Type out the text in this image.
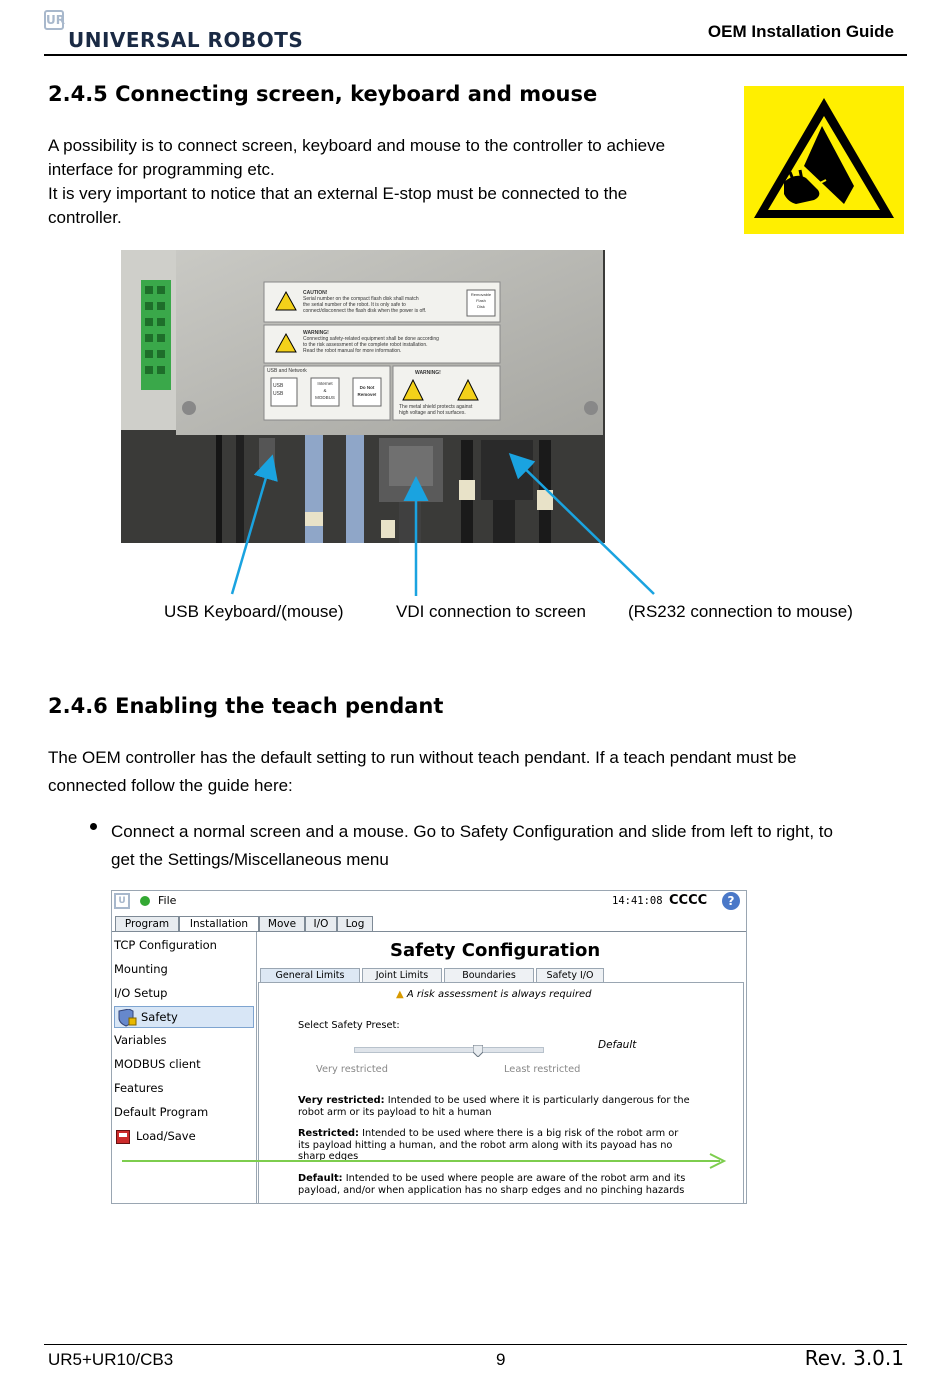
UR
UNIVERSAL ROBOTS	OEM Installation Guide
2.4.5 Connecting screen, keyboard and mouse
A possibility is to connect screen, keyboard and mouse to the controller to achieve
interface for programming etc.
It is very important to notice that an external E-stop must be connected to the
controller.
CAUTION!
Serial number on the compact flash disk shall match
the serial number of the robot. It is only safe to
connect/disconnect the flash disk when the power is off.
Removable
Flash
Disk
WARNING!
Connecting safety-related equipment shall be done according
to the risk assessment of the complete robot installation.
Read the robot manual for more information.
USB and Network
USB
USB
Internet
&
MODBUS
Do Not
Remove!
WARNING!
The metal shield protects against
high voltage and hot surfaces.
USB Keyboard/(mouse)	VDI connection to screen (RS232 connection to mouse)
2.4.6 Enabling the teach pendant
The OEM controller has the default setting to run without teach pendant. If a teach pendant must be
connected follow the guide here:
Connect a normal screen and a mouse. Go to Safety Configuration and slide from left to right, to
get the Settings/Miscellaneous menu
U	File	14:41:08 CCCC	?
Program	Installation	Move	I/O	Log
TCP Configuration
Mounting
I/O Setup
Safety
Variables
MODBUS client
Features
Default Program
Load/Save
Safety Configuration
General Limits	Joint Limits	Boundaries	Safety I/O
▲ A risk assessment is always required
Select Safety Preset:
Default
Very restricted	Least restricted
Very restricted: Intended to be used where it is particularly dangerous for the
robot arm or its payload to hit a human
Restricted: Intended to be used where there is a big risk of the robot arm or
its payload hitting a human, and the robot arm along with its payoad has no
sharp edges
Default: Intended to be used where people are aware of the robot arm and its
payload, and/or when application has no sharp edges and no pinching hazards
UR5+UR10/CB3	9	Rev. 3.0.1
